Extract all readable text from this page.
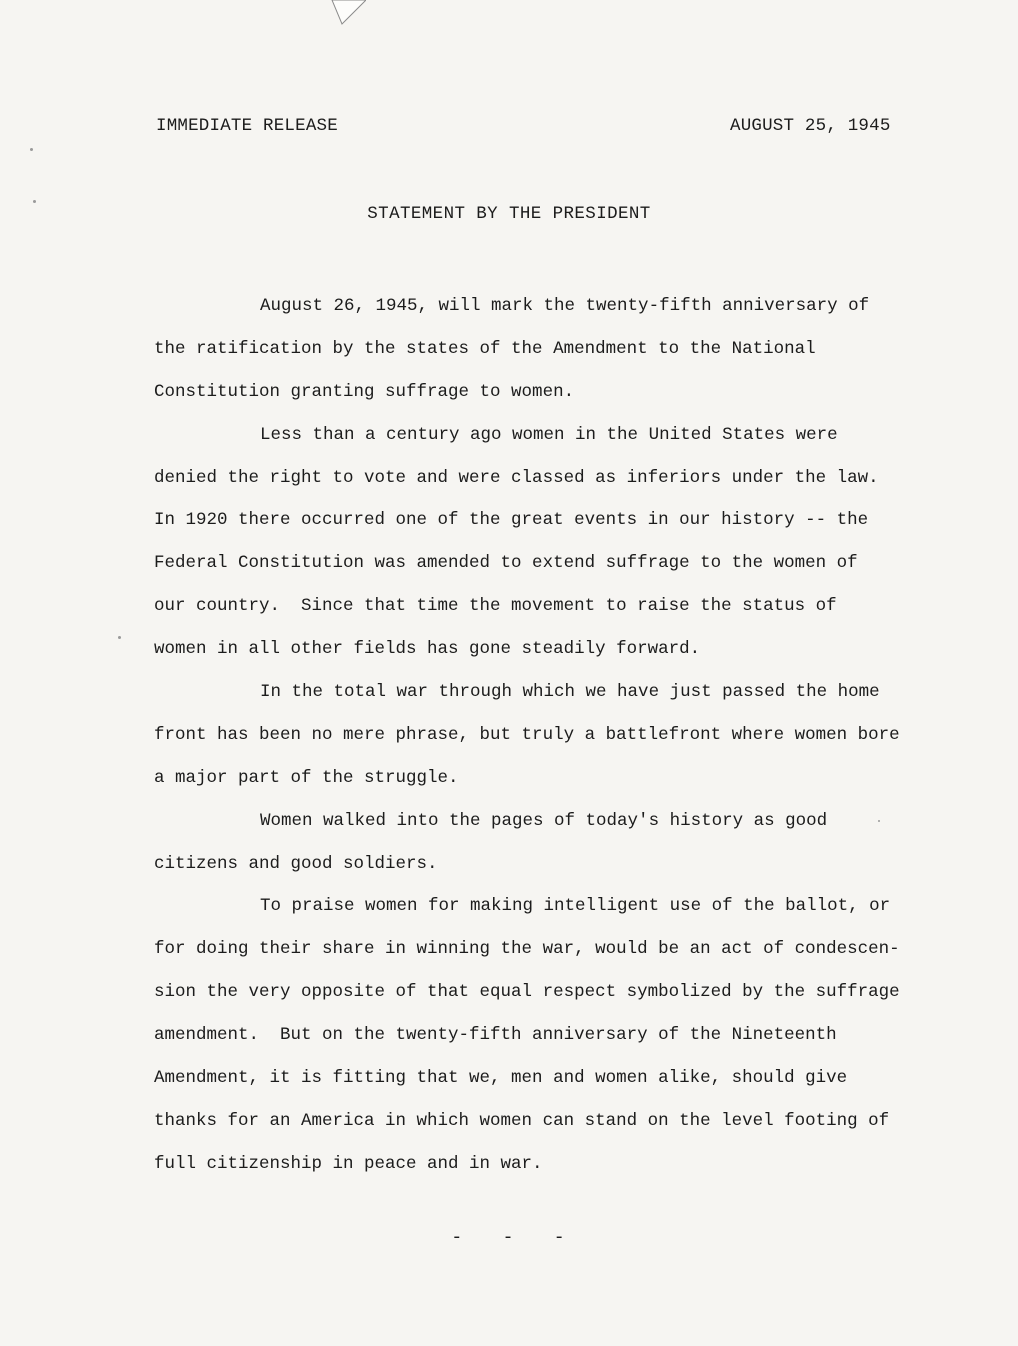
IMMEDIATE RELEASE	AUGUST 25, 1945
STATEMENT BY THE PRESIDENT
August 26, 1945, will mark the twenty-fifth anniversary of
the ratification by the states of the Amendment to the National
Constitution granting suffrage to women.
Less than a century ago women in the United States were
denied the right to vote and were classed as inferiors under the law.
In 1920 there occurred one of the great events in our history -- the
Federal Constitution was amended to extend suffrage to the women of
our country.  Since that time the movement to raise the status of
women in all other fields has gone steadily forward.
In the total war through which we have just passed the home
front has been no mere phrase, but truly a battlefront where women bore
a major part of the struggle.
Women walked into the pages of today's history as good
citizens and good soldiers.
To praise women for making intelligent use of the ballot, or
for doing their share in winning the war, would be an act of condescen-
sion the very opposite of that equal respect symbolized by the suffrage
amendment.  But on the twenty-fifth anniversary of the Nineteenth
Amendment, it is fitting that we, men and women alike, should give
thanks for an America in which women can stand on the level footing of
full citizenship in peace and in war.
-   -   -
